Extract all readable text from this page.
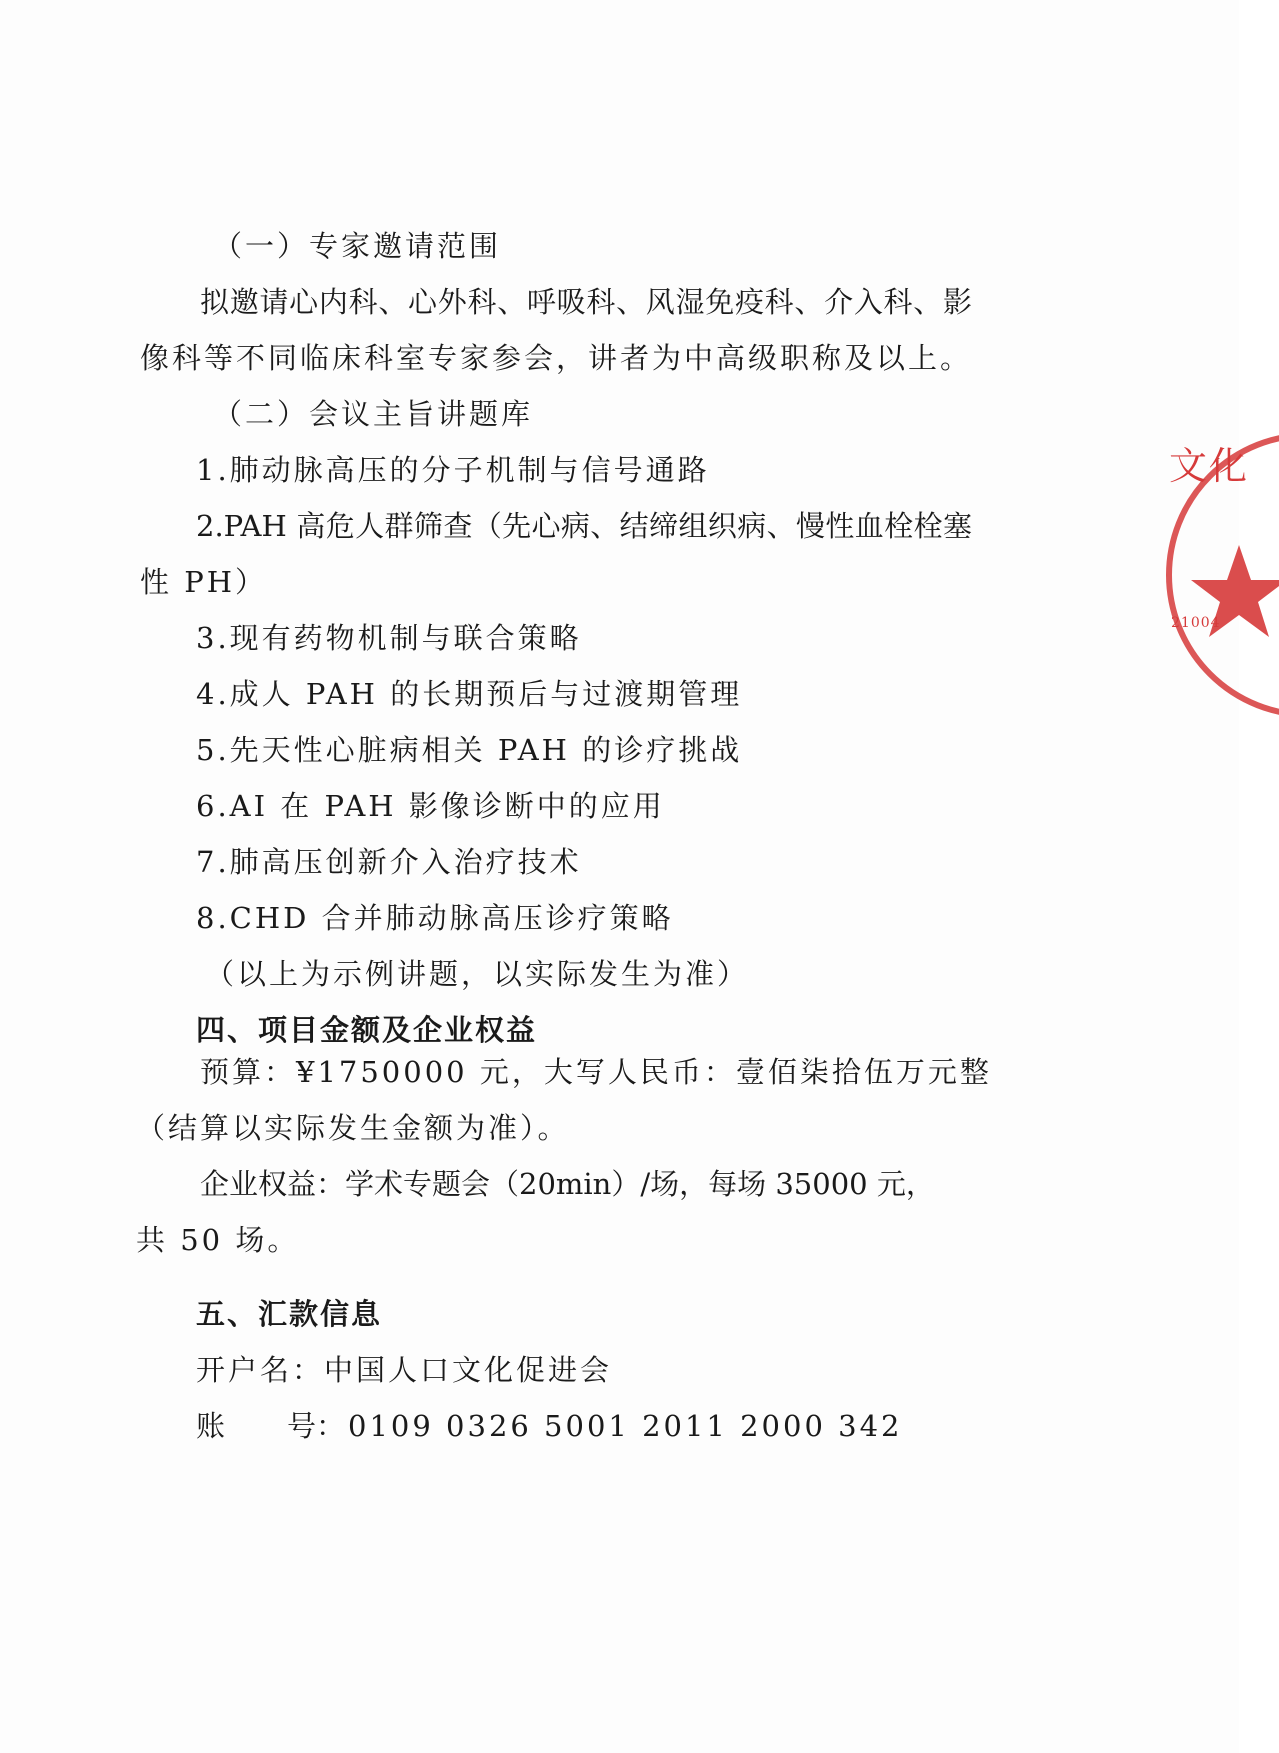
（一）专家邀请范围
拟邀请心内科、心外科、呼吸科、风湿免疫科、介入科、影
像科等不同临床科室专家参会，讲者为中高级职称及以上。
（二）会议主旨讲题库
1.肺动脉高压的分子机制与信号通路
2.PAH 高危人群筛查（先心病、结缔组织病、慢性血栓栓塞
性 PH）
3.现有药物机制与联合策略
4.成人 PAH 的长期预后与过渡期管理
5.先天性心脏病相关 PAH 的诊疗挑战
6.AI 在 PAH 影像诊断中的应用
7.肺高压创新介入治疗技术
8.CHD 合并肺动脉高压诊疗策略
（以上为示例讲题，以实际发生为准）
四、项目金额及企业权益
预算：¥1750000 元，大写人民币：壹佰柒拾伍万元整
（结算以实际发生金额为准）。
企业权益：学术专题会（20min）/场，每场 35000 元，
共 50 场。
五、汇款信息
开户名：中国人口文化促进会
账号：0109 0326 5001 2011 2000 342
文化
21004
